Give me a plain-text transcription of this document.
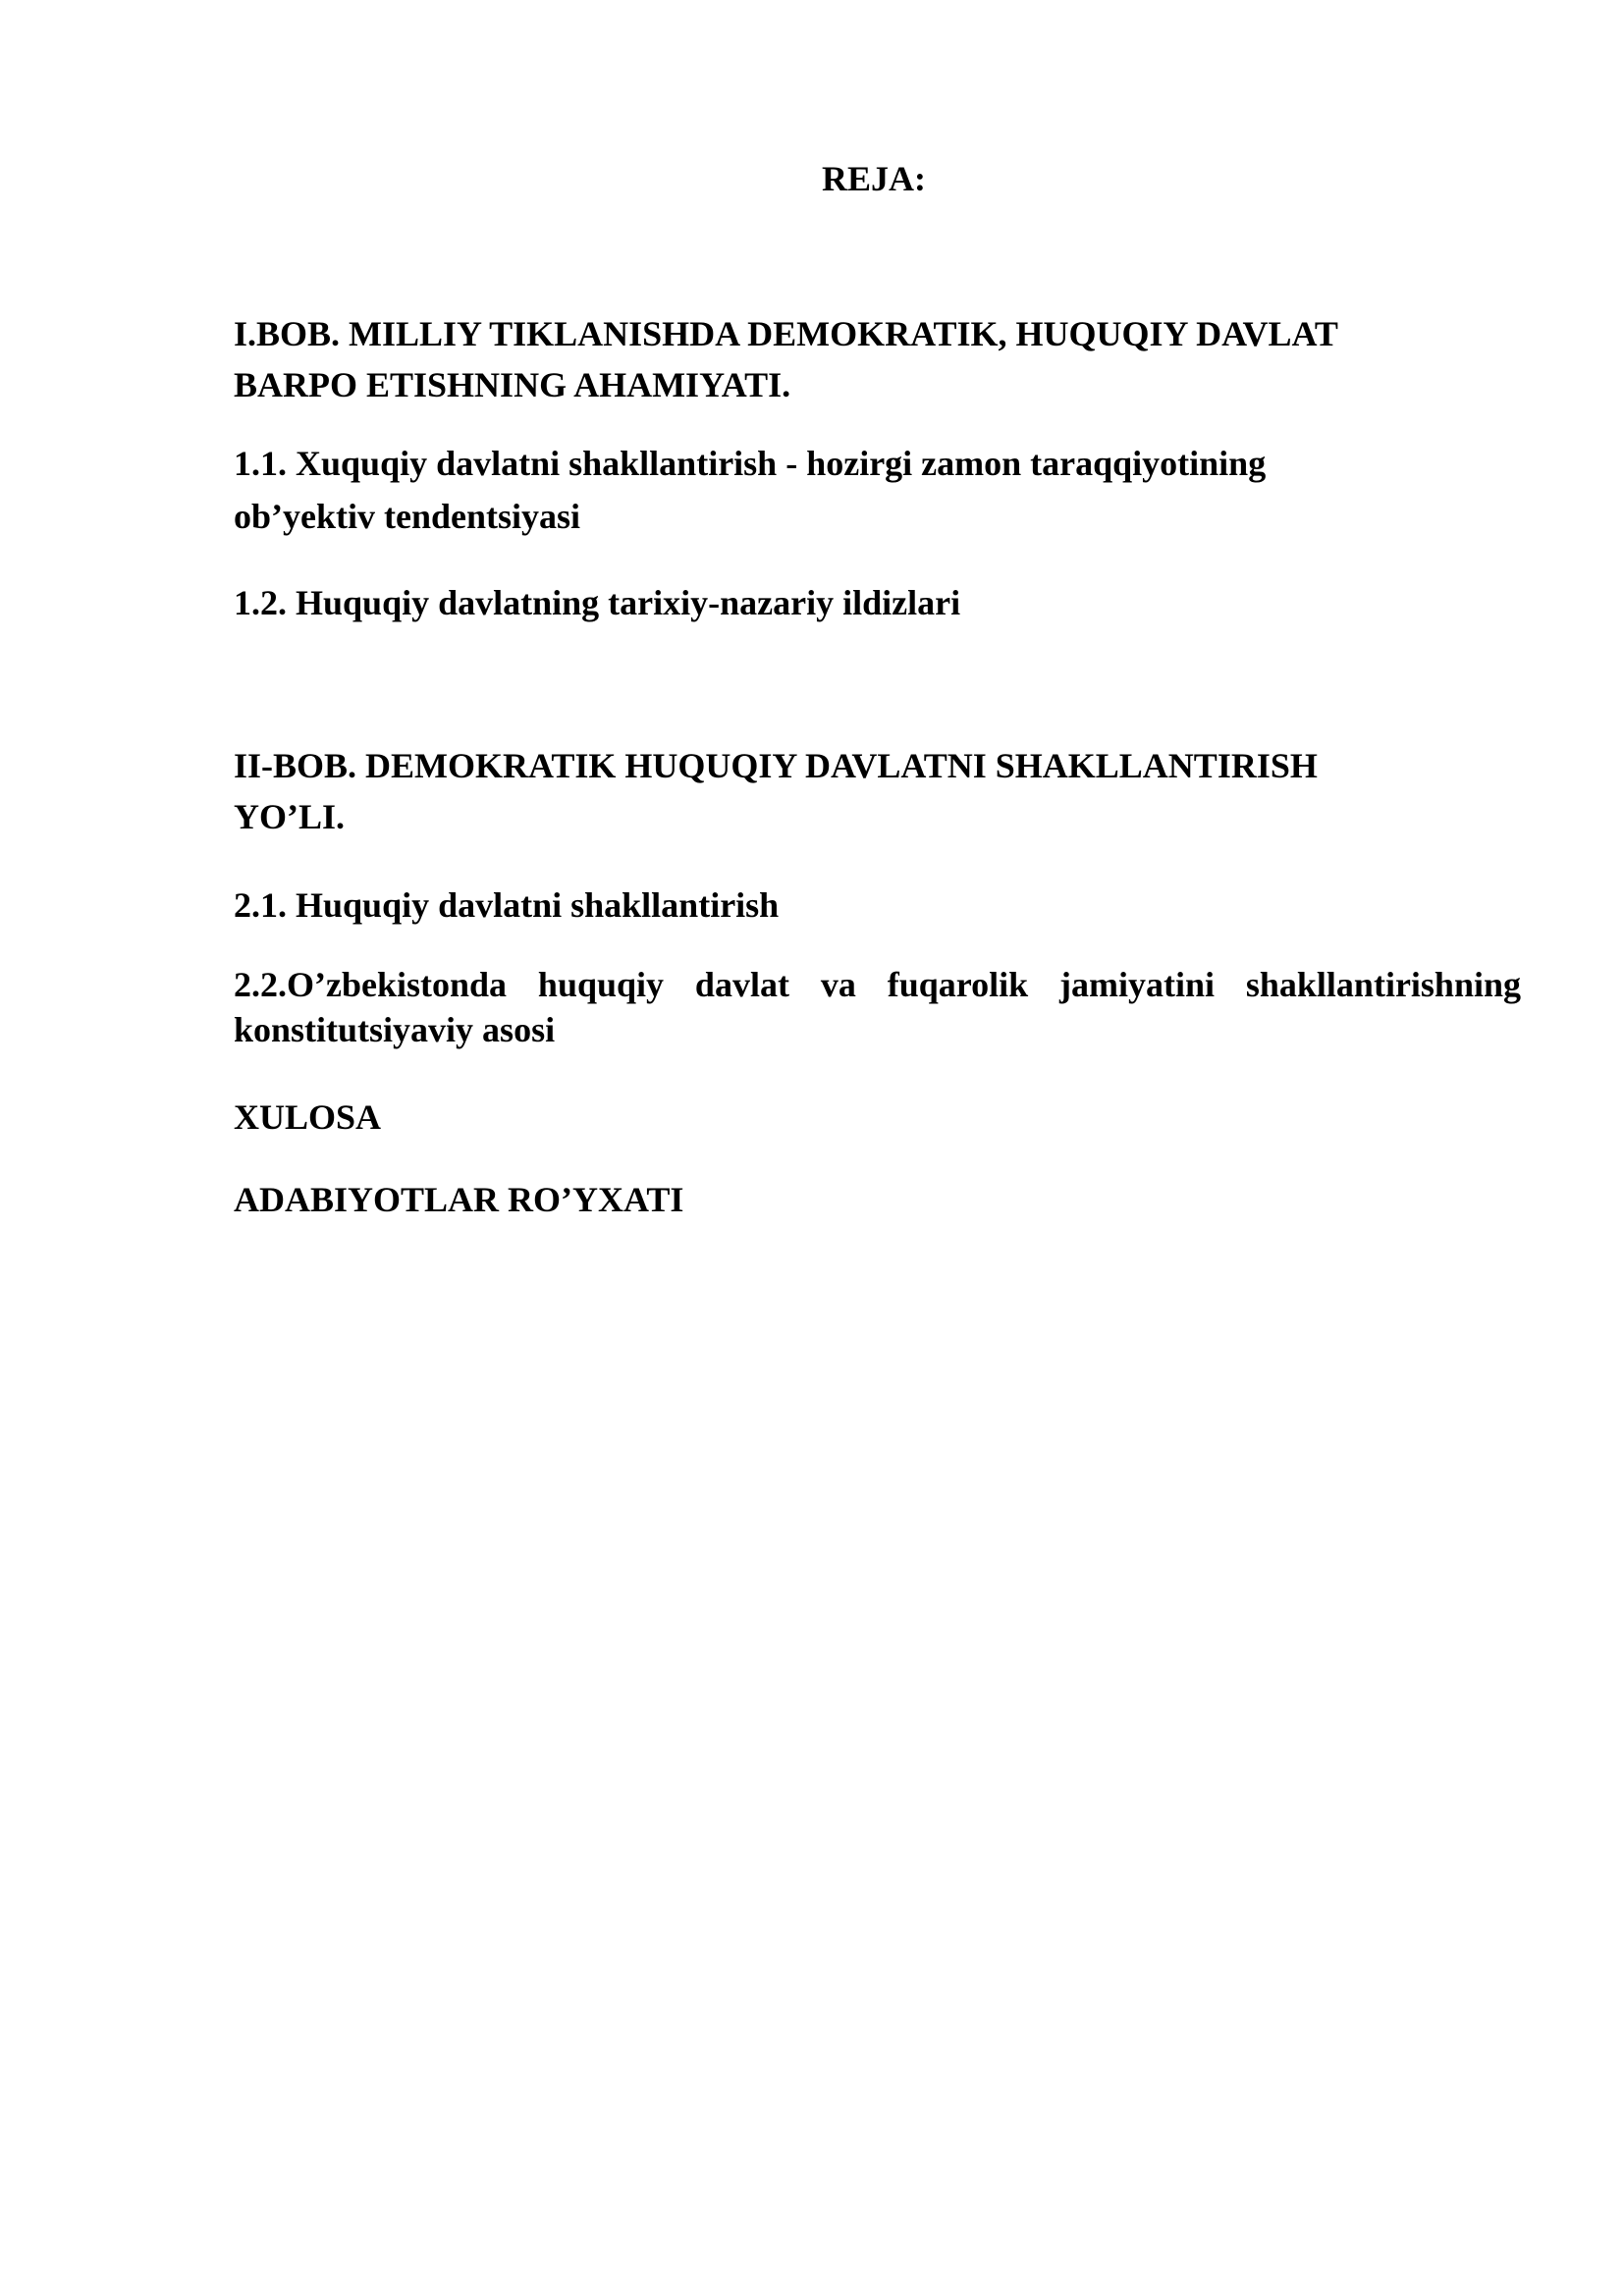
REJA:

I.BOB. MILLIY TIKLANISHDA DEMOKRATIK, HUQUQIY DAVLAT

BARPO ETISHNING AHAMIYATI.

1.1. Xuquqiy davlatni shakllantirish - hozirgi zamon taraqqiyotining

ob’yektiv tendentsiyasi

1.2. Huquqiy davlatning tarixiy-nazariy ildizlari

II-BOB. DEMOKRATIK HUQUQIY DAVLATNI SHAKLLANTIRISH

YO’LI.

2.1. Huquqiy davlatni shakllantirish

2.2.O’zbekistonda huquqiy davlat va fuqarolik jamiyatini shakllantirishning
konstitutsiyaviy asosi

XULOSA

ADABIYOTLAR RO’YXATI
